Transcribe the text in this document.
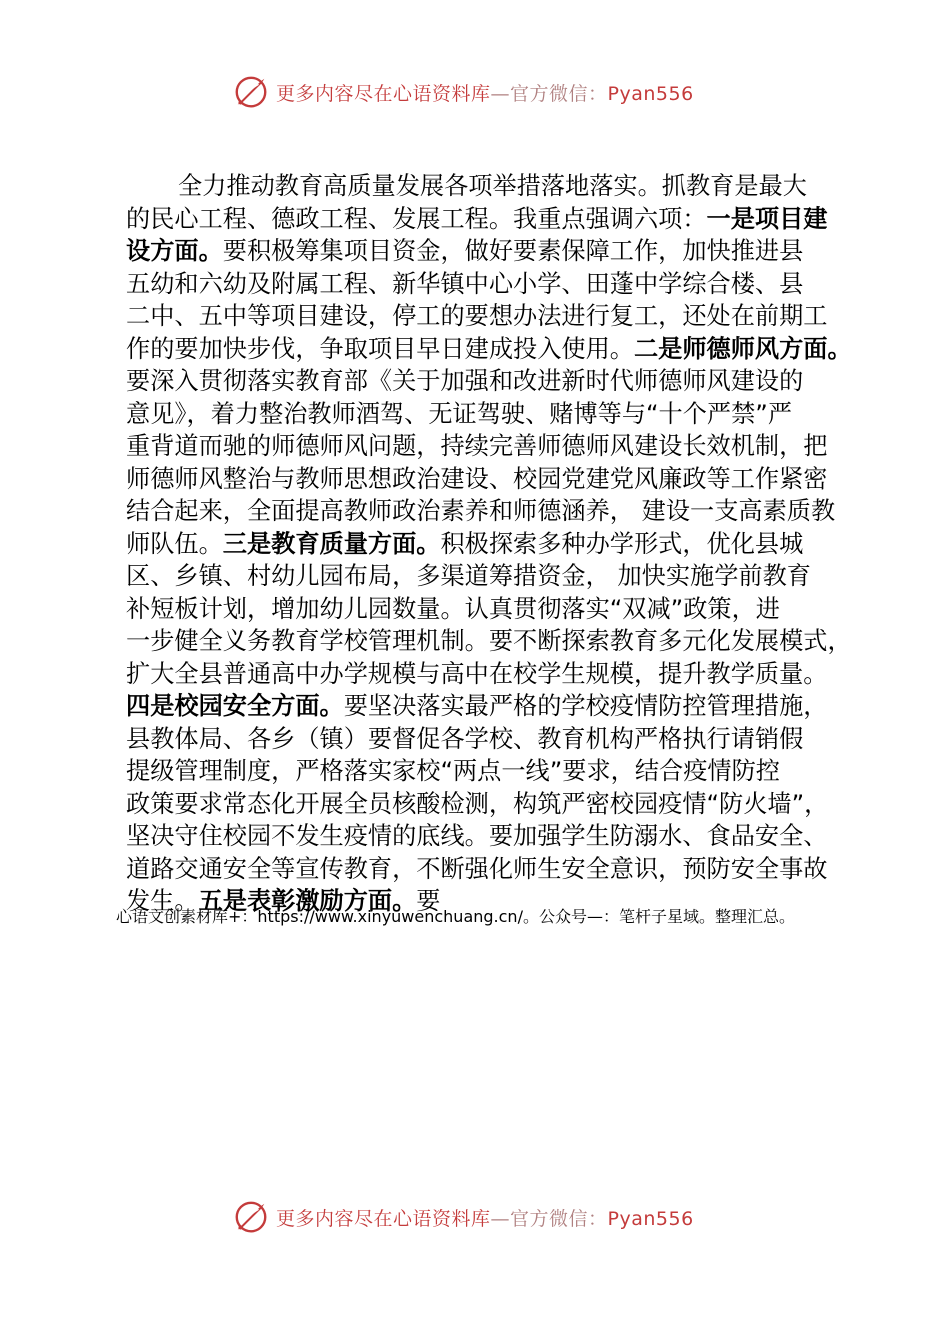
更多内容尽在心语资料库—官方微信：Pyan556
全力推动教育高质量发展各项举措落地落实。抓教育是最大
的民心工程、德政工程、发展工程。我重点强调六项：一是项目建
设方面。要积极筹集项目资金，做好要素保障工作，加快推进县
五幼和六幼及附属工程、新华镇中心小学、田蓬中学综合楼、县
二中、五中等项目建设，停工的要想办法进行复工，还处在前期工
作的要加快步伐，争取项目早日建成投入使用。二是师德师风方面。
要深入贯彻落实教育部《关于加强和改进新时代师德师风建设的
意见》，着力整治教师酒驾、无证驾驶、赌博等与“十个严禁”严
重背道而驰的师德师风问题，持续完善师德师风建设长效机制，把
师德师风整治与教师思想政治建设、校园党建党风廉政等工作紧密
结合起来，全面提高教师政治素养和师德涵养， 建设一支高素质教
师队伍。三是教育质量方面。积极探索多种办学形式，优化县城
区、乡镇、村幼儿园布局，多渠道筹措资金， 加快实施学前教育
补短板计划，增加幼儿园数量。认真贯彻落实“双减”政策，进
一步健全义务教育学校管理机制。要不断探索教育多元化发展模式，
扩大全县普通高中办学规模与高中在校学生规模，提升教学质量。
四是校园安全方面。要坚决落实最严格的学校疫情防控管理措施，
县教体局、各乡（镇）要督促各学校、教育机构严格执行请销假
提级管理制度，严格落实家校“两点一线”要求，结合疫情防控
政策要求常态化开展全员核酸检测，构筑严密校园疫情“防火墙”，
坚决守住校园不发生疫情的底线。要加强学生防溺水、食品安全、
道路交通安全等宣传教育，不断强化师生安全意识，预防安全事故
发生。五是表彰激励方面。要
心语文创素材库+：https://www.xinyuwenchuang.cn/。公众号—：笔杆子星域。整理汇总。
更多内容尽在心语资料库—官方微信：Pyan556
